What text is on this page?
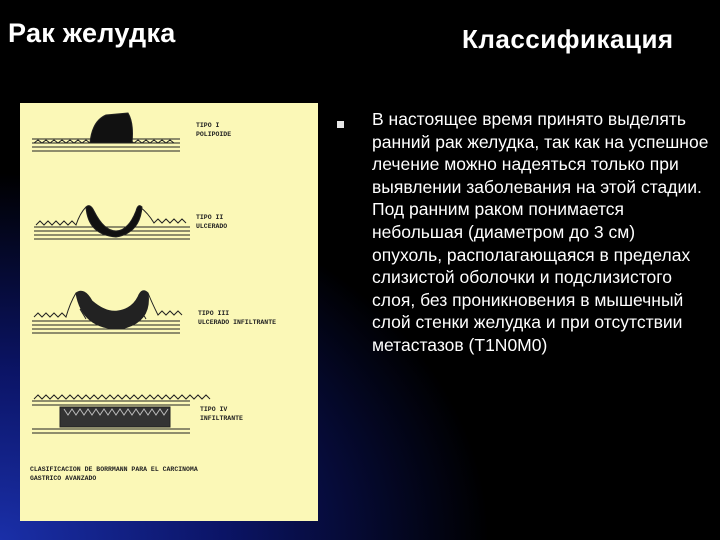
Рак желудка	Классификация
TIPO I
POLIPOIDE
TIPO II
ULCERADO
TIPO III
ULCERADO INFILTRANTE
TIPO IV
INFILTRANTE
CLASIFICACION DE BORRMANN PARA EL CARCINOMA
GASTRICO AVANZADO
В настоящее время принято выделять ранний рак желудка, так как на успешное лечение можно надеяться только при выявлении заболевания на этой стадии. Под ранним раком понимается небольшая (диаметром до 3 см) опухоль, располагающаяся в пределах слизистой оболочки и подслизистого слоя, без проникновения в мышечный слой стенки желудка и при отсутствии метастазов (T1N0M0)
